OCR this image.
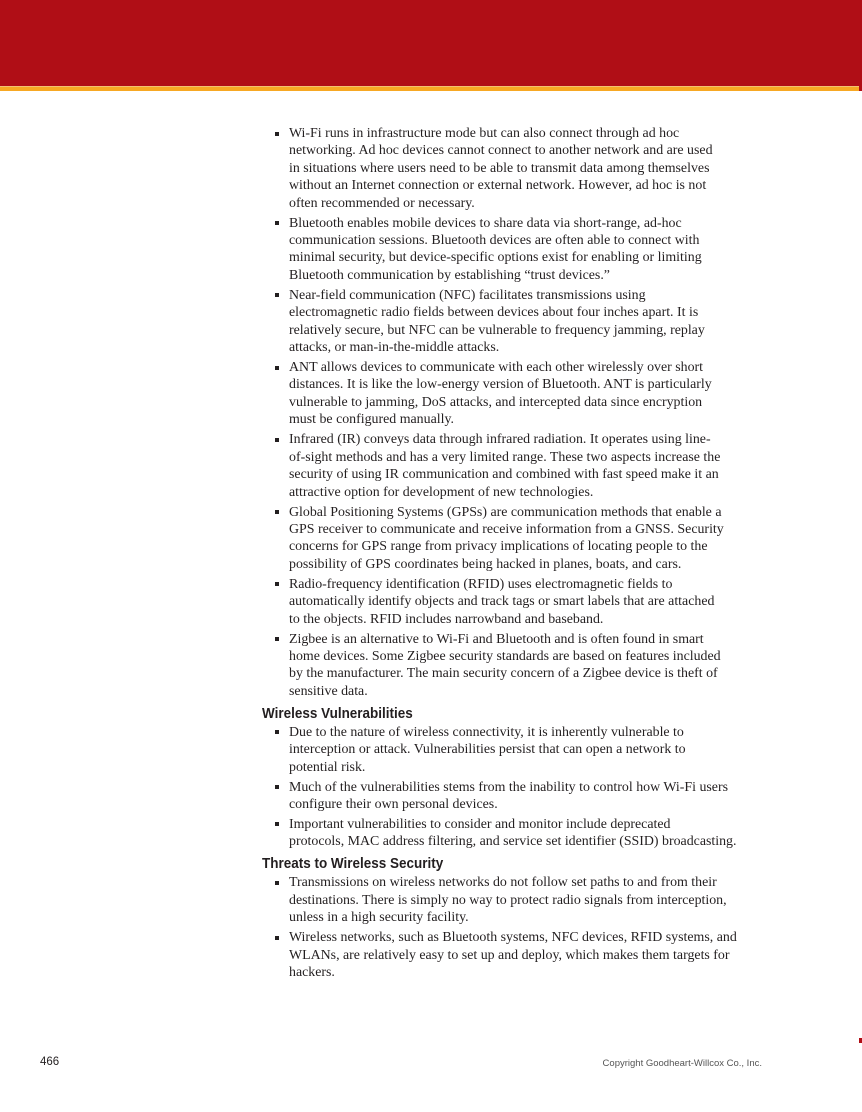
Wi-Fi runs in infrastructure mode but can also connect through ad hoc
networking. Ad hoc devices cannot connect to another network and are used
in situations where users need to be able to transmit data among themselves
without an Internet connection or external network. However, ad hoc is not
often recommended or necessary.
Bluetooth enables mobile devices to share data via short-range, ad-hoc
communication sessions. Bluetooth devices are often able to connect with
minimal security, but device-specific options exist for enabling or limiting
Bluetooth communication by establishing “trust devices.”
Near-field communication (NFC) facilitates transmissions using
electromagnetic radio fields between devices about four inches apart. It is
relatively secure, but NFC can be vulnerable to frequency jamming, replay
attacks, or man-in-the-middle attacks.
ANT allows devices to communicate with each other wirelessly over short
distances. It is like the low-energy version of Bluetooth. ANT is particularly
vulnerable to jamming, DoS attacks, and intercepted data since encryption
must be configured manually.
Infrared (IR) conveys data through infrared radiation. It operates using line-
of-sight methods and has a very limited range. These two aspects increase the
security of using IR communication and combined with fast speed make it an
attractive option for development of new technologies.
Global Positioning Systems (GPSs) are communication methods that enable a
GPS receiver to communicate and receive information from a GNSS. Security
concerns for GPS range from privacy implications of locating people to the
possibility of GPS coordinates being hacked in planes, boats, and cars.
Radio-frequency identification (RFID) uses electromagnetic fields to
automatically identify objects and track tags or smart labels that are attached
to the objects. RFID includes narrowband and baseband.
Zigbee is an alternative to Wi-Fi and Bluetooth and is often found in smart
home devices. Some Zigbee security standards are based on features included
by the manufacturer. The main security concern of a Zigbee device is theft of
sensitive data.
Wireless Vulnerabilities
Due to the nature of wireless connectivity, it is inherently vulnerable to
interception or attack. Vulnerabilities persist that can open a network to
potential risk.
Much of the vulnerabilities stems from the inability to control how Wi-Fi users
configure their own personal devices.
Important vulnerabilities to consider and monitor include deprecated
protocols, MAC address filtering, and service set identifier (SSID) broadcasting.
Threats to Wireless Security
Transmissions on wireless networks do not follow set paths to and from their
destinations. There is simply no way to protect radio signals from interception,
unless in a high security facility.
Wireless networks, such as Bluetooth systems, NFC devices, RFID systems, and
WLANs, are relatively easy to set up and deploy, which makes them targets for
hackers.
466	Copyright Goodheart-Willcox Co., Inc.
